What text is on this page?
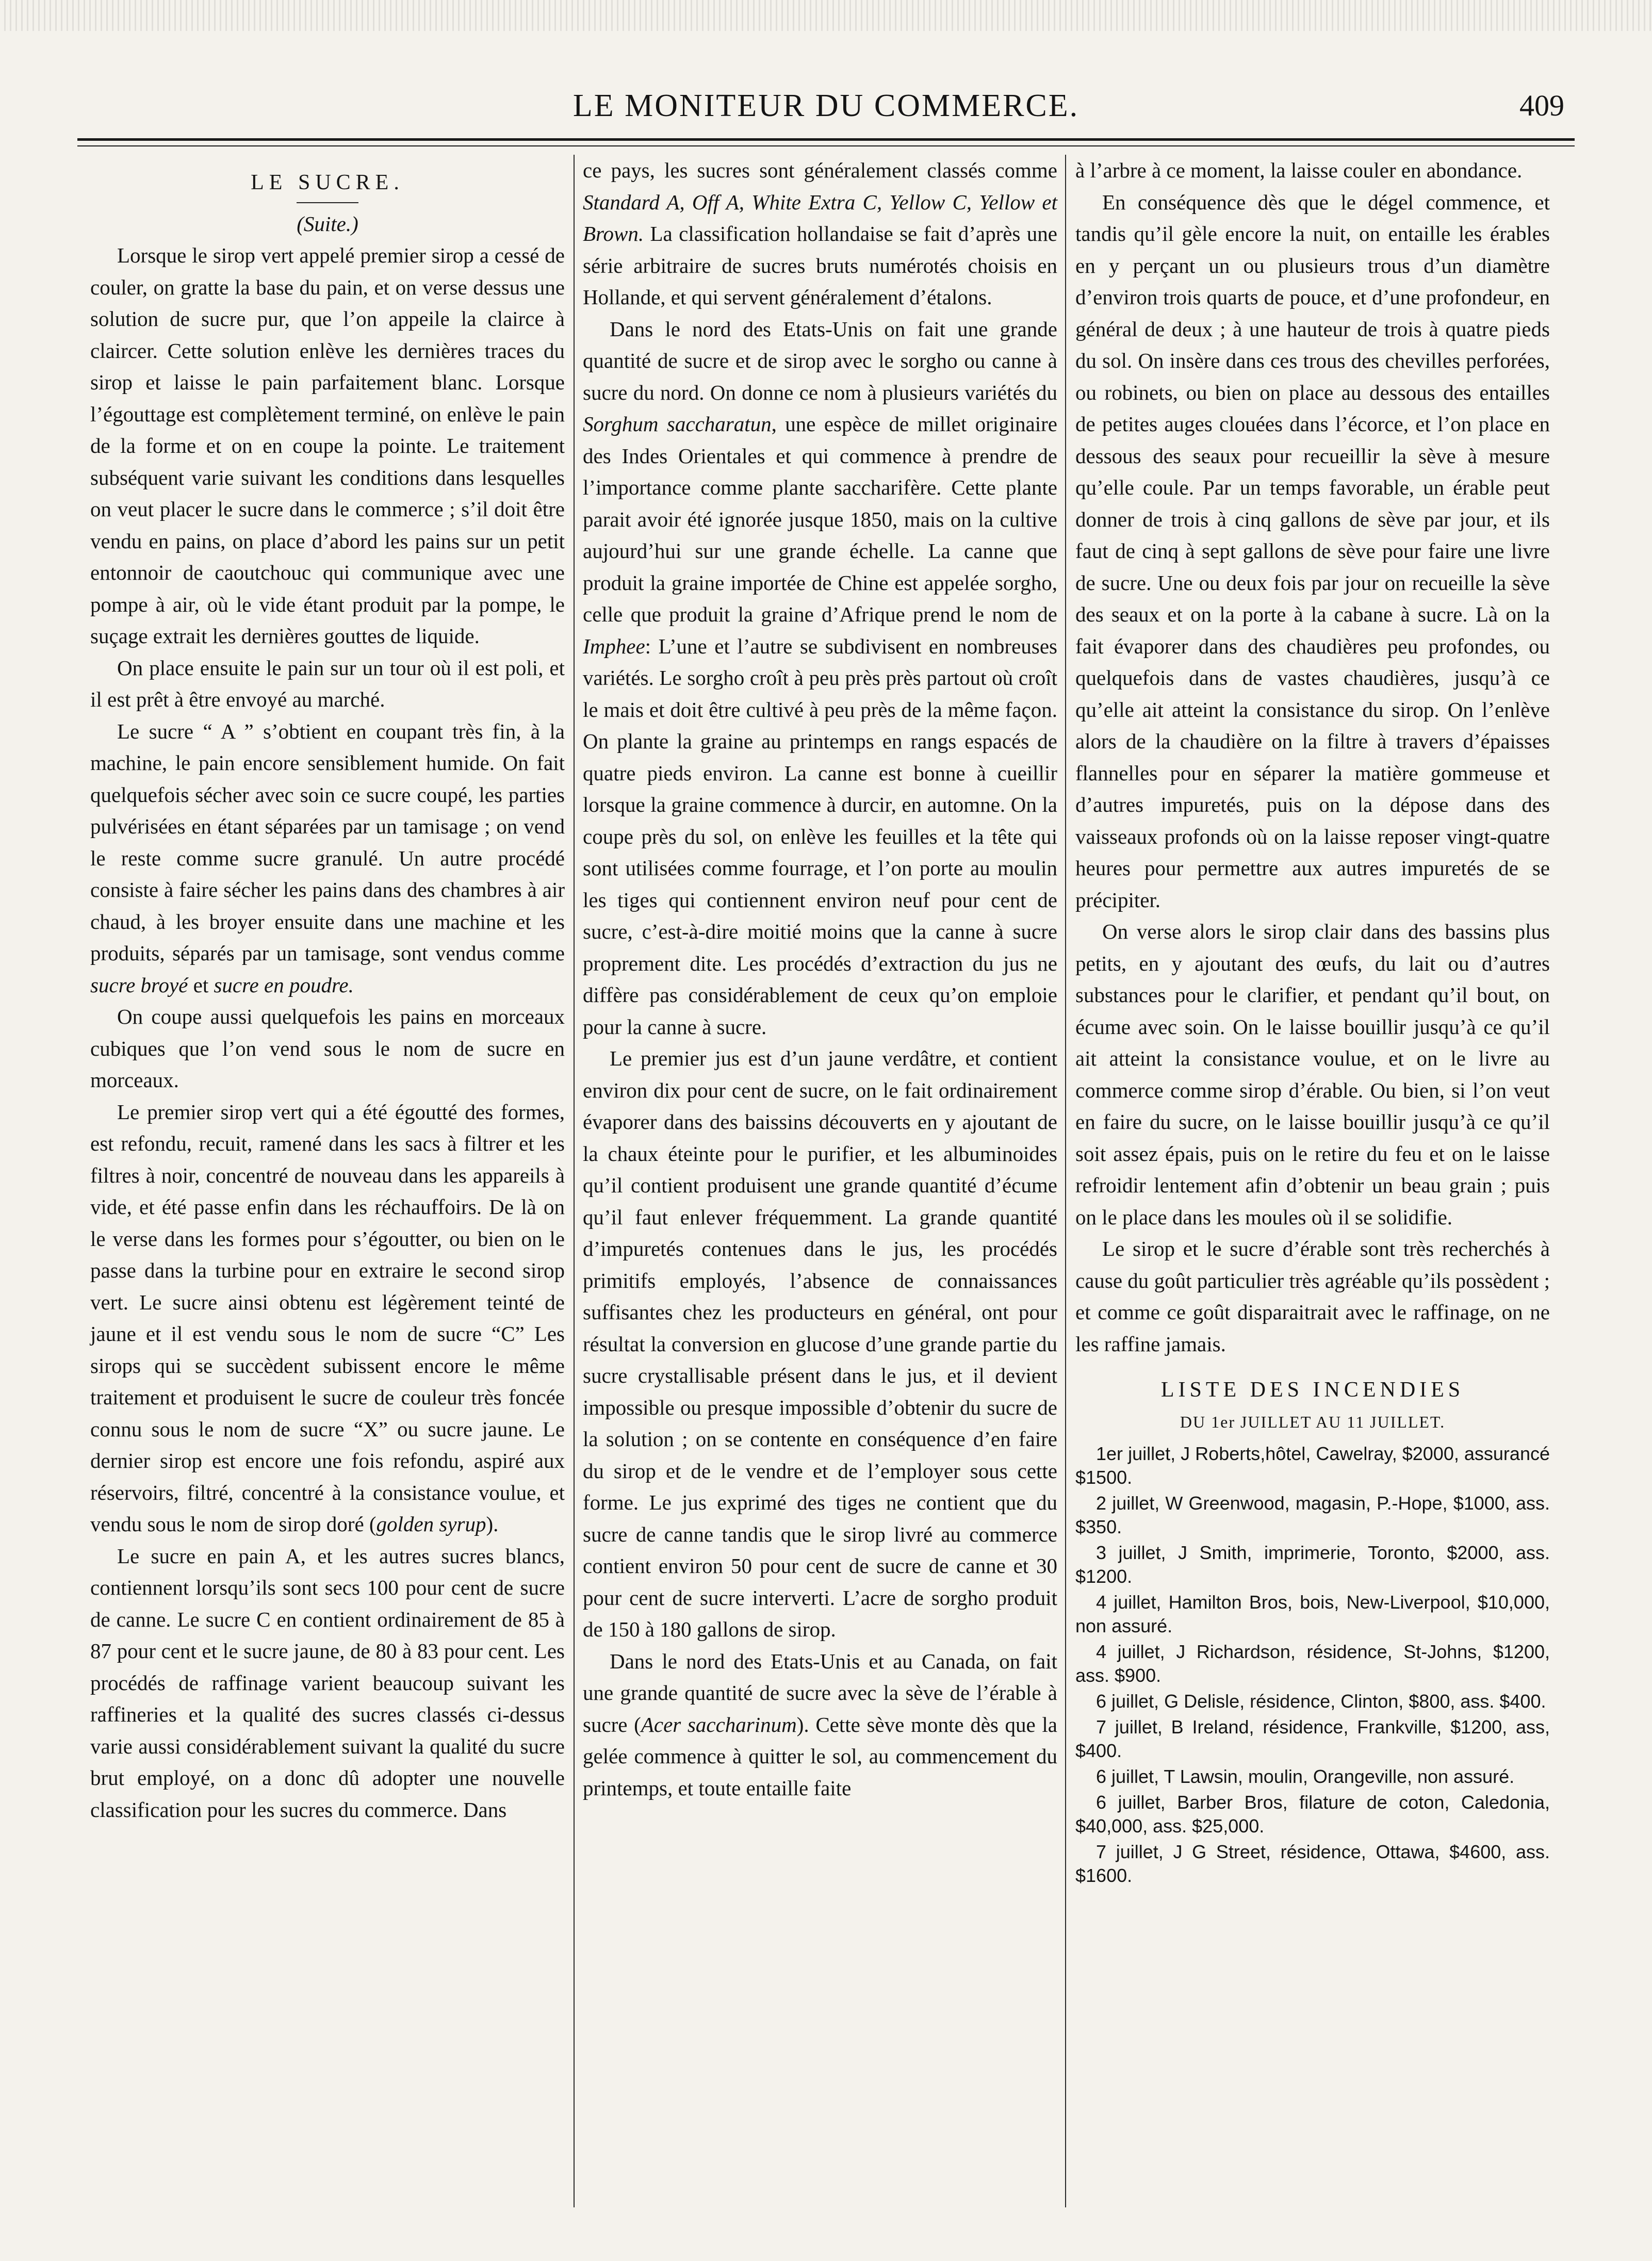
LE MONITEUR DU COMMERCE.	409

LE SUCRE.

(Suite.)

Lorsque le sirop vert appelé premier sirop a cessé de couler, on gratte la base du pain, et on verse dessus une solution de sucre pur, que l’on appeile la clairce à claircer. Cette solution enlève les dernières traces du sirop et laisse le pain parfaitement blanc. Lorsque l’égouttage est complètement terminé, on enlève le pain de la forme et on en coupe la pointe. Le traitement subséquent varie suivant les conditions dans lesquelles on veut placer le sucre dans le commerce ; s’il doit être vendu en pains, on place d’abord les pains sur un petit entonnoir de caoutchouc qui communique avec une pompe à air, où le vide étant produit par la pompe, le suçage extrait les dernières gouttes de liquide.

On place ensuite le pain sur un tour où il est poli, et il est prêt à être envoyé au marché.

Le sucre “ A ” s’obtient en coupant très fin, à la machine, le pain encore sensiblement humide. On fait quelquefois sécher avec soin ce sucre coupé, les parties pulvérisées en étant séparées par un tamisage ; on vend le reste comme sucre granulé. Un autre procédé consiste à faire sécher les pains dans des chambres à air chaud, à les broyer ensuite dans une machine et les produits, séparés par un tamisage, sont vendus comme sucre broyé et sucre en poudre.

On coupe aussi quelquefois les pains en morceaux cubiques que l’on vend sous le nom de sucre en morceaux.

Le premier sirop vert qui a été égoutté des formes, est refondu, recuit, ramené dans les sacs à filtrer et les filtres à noir, concentré de nouveau dans les appareils à vide, et été passe enfin dans les réchauffoirs. De là on le verse dans les formes pour s’égoutter, ou bien on le passe dans la turbine pour en extraire le second sirop vert. Le sucre ainsi obtenu est légèrement teinté de jaune et il est vendu sous le nom de sucre “C” Les sirops qui se succèdent subissent encore le même traitement et produisent le sucre de couleur très foncée connu sous le nom de sucre “X” ou sucre jaune. Le dernier sirop est encore une fois refondu, aspiré aux réservoirs, filtré, concentré à la consistance voulue, et vendu sous le nom de sirop doré (golden syrup).

Le sucre en pain A, et les autres sucres blancs, contiennent lorsqu’ils sont secs 100 pour cent de sucre de canne. Le sucre C en contient ordinairement de 85 à 87 pour cent et le sucre jaune, de 80 à 83 pour cent. Les procédés de raffinage varient beaucoup suivant les raffineries et la qualité des sucres classés ci-dessus varie aussi considérablement suivant la qualité du sucre brut employé, on a donc dû adopter une nouvelle classification pour les sucres du commerce. Dans

ce pays, les sucres sont généralement classés comme Standard A, Off A, White Extra C, Yellow C, Yellow et Brown. La classification hollandaise se fait d’après une série arbitraire de sucres bruts numérotés choisis en Hollande, et qui servent généralement d’étalons.

Dans le nord des Etats-Unis on fait une grande quantité de sucre et de sirop avec le sorgho ou canne à sucre du nord. On donne ce nom à plusieurs variétés du Sorghum saccharatun, une espèce de millet originaire des Indes Orientales et qui commence à prendre de l’importance comme plante saccharifère. Cette plante parait avoir été ignorée jusque 1850, mais on la cultive aujourd’hui sur une grande échelle. La canne que produit la graine importée de Chine est appelée sorgho, celle que produit la graine d’Afrique prend le nom de Imphee: L’une et l’autre se subdivisent en nombreuses variétés. Le sorgho croît à peu près près partout où croît le mais et doit être cultivé à peu près de la même façon. On plante la graine au printemps en rangs espacés de quatre pieds environ. La canne est bonne à cueillir lorsque la graine commence à durcir, en automne. On la coupe près du sol, on enlève les feuilles et la tête qui sont utilisées comme fourrage, et l’on porte au moulin les tiges qui contiennent environ neuf pour cent de sucre, c’est-à-dire moitié moins que la canne à sucre proprement dite. Les procédés d’extraction du jus ne diffère pas considérablement de ceux qu’on emploie pour la canne à sucre.

Le premier jus est d’un jaune verdâtre, et contient environ dix pour cent de sucre, on le fait ordinairement évaporer dans des baissins découverts en y ajoutant de la chaux éteinte pour le purifier, et les albuminoides qu’il contient produisent une grande quantité d’écume qu’il faut enlever fréquemment. La grande quantité d’impuretés contenues dans le jus, les procédés primitifs employés, l’absence de connaissances suffisantes chez les producteurs en général, ont pour résultat la conversion en glucose d’une grande partie du sucre crystallisable présent dans le jus, et il devient impossible ou presque impossible d’obtenir du sucre de la solution ; on se contente en conséquence d’en faire du sirop et de le vendre et de l’employer sous cette forme. Le jus exprimé des tiges ne contient que du sucre de canne tandis que le sirop livré au commerce contient environ 50 pour cent de sucre de canne et 30 pour cent de sucre interverti. L’acre de sorgho produit de 150 à 180 gallons de sirop.

Dans le nord des Etats-Unis et au Canada, on fait une grande quantité de sucre avec la sève de l’érable à sucre (Acer saccharinum). Cette sève monte dès que la gelée commence à quitter le sol, au commencement du printemps, et toute entaille faite

à l’arbre à ce moment, la laisse couler en abondance.

En conséquence dès que le dégel commence, et tandis qu’il gèle encore la nuit, on entaille les érables en y perçant un ou plusieurs trous d’un diamètre d’environ trois quarts de pouce, et d’une profondeur, en général de deux ; à une hauteur de trois à quatre pieds du sol. On insère dans ces trous des chevilles perforées, ou robinets, ou bien on place au dessous des entailles de petites auges clouées dans l’écorce, et l’on place en dessous des seaux pour recueillir la sève à mesure qu’elle coule. Par un temps favorable, un érable peut donner de trois à cinq gallons de sève par jour, et ils faut de cinq à sept gallons de sève pour faire une livre de sucre. Une ou deux fois par jour on recueille la sève des seaux et on la porte à la cabane à sucre. Là on la fait évaporer dans des chaudières peu profondes, ou quelquefois dans de vastes chaudières, jusqu’à ce qu’elle ait atteint la consistance du sirop. On l’enlève alors de la chaudière on la filtre à travers d’épaisses flannelles pour en séparer la matière gommeuse et d’autres impuretés, puis on la dépose dans des vaisseaux profonds où on la laisse reposer vingt-quatre heures pour permettre aux autres impuretés de se précipiter.

On verse alors le sirop clair dans des bassins plus petits, en y ajoutant des œufs, du lait ou d’autres substances pour le clarifier, et pendant qu’il bout, on écume avec soin. On le laisse bouillir jusqu’à ce qu’il ait atteint la consistance voulue, et on le livre au commerce comme sirop d’érable. Ou bien, si l’on veut en faire du sucre, on le laisse bouillir jusqu’à ce qu’il soit assez épais, puis on le retire du feu et on le laisse refroidir lentement afin d’obtenir un beau grain ; puis on le place dans les moules où il se solidifie.

Le sirop et le sucre d’érable sont très recherchés à cause du goût particulier très agréable qu’ils possèdent ; et comme ce goût disparaitrait avec le raffinage, on ne les raffine jamais.

LISTE DES INCENDIES

DU 1er JUILLET AU 11 JUILLET.

1er juillet, J Roberts,hôtel, Cawelray, $2000, assurancé $1500.

2 juillet, W Greenwood, magasin, P.-Hope, $1000, ass. $350.

3 juillet, J Smith, imprimerie, Toronto, $2000, ass. $1200.

4 juillet, Hamilton Bros, bois, New-Liverpool, $10,000, non assuré.

4 juillet, J Richardson, résidence, St-Johns, $1200, ass. $900.

6 juillet, G Delisle, résidence, Clinton, $800, ass. $400.

7 juillet, B Ireland, résidence, Frankville, $1200, ass, $400.

6 juillet, T Lawsin, moulin, Orangeville, non assuré.

6 juillet, Barber Bros, filature de coton, Caledonia, $40,000, ass. $25,000.

7 juillet, J G Street, résidence, Ottawa, $4600, ass. $1600.
